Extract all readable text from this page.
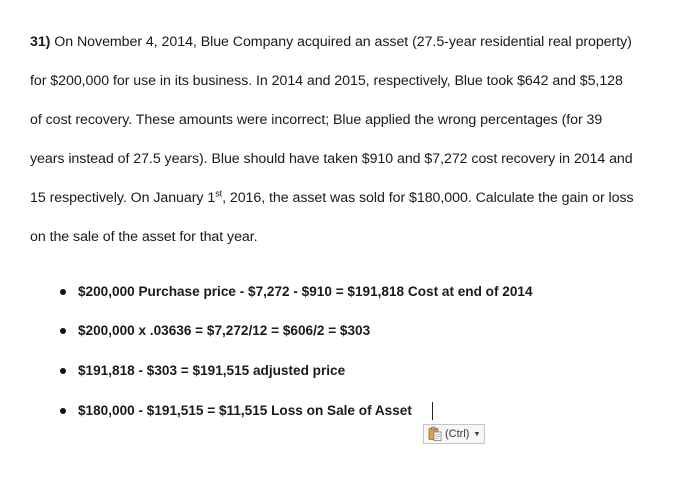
31) On November 4, 2014, Blue Company acquired an asset (27.5-year residential real property)
for $200,000 for use in its business. In 2014 and 2015, respectively, Blue took $642 and $5,128
of cost recovery. These amounts were incorrect; Blue applied the wrong percentages (for 39
years instead of 27.5 years). Blue should have taken $910 and $7,272 cost recovery in 2014 and
15 respectively. On January 1st, 2016, the asset was sold for $180,000. Calculate the gain or loss
on the sale of the asset for that year.
$200,000 Purchase price - $7,272 - $910 = $191,818 Cost at end of 2014
$200,000 x .03636 = $7,272/12 = $606/2 = $303
$191,818 - $303 = $191,515 adjusted price
$180,000 - $191,515 = $11,515 Loss on Sale of Asset
(Ctrl) ▼
